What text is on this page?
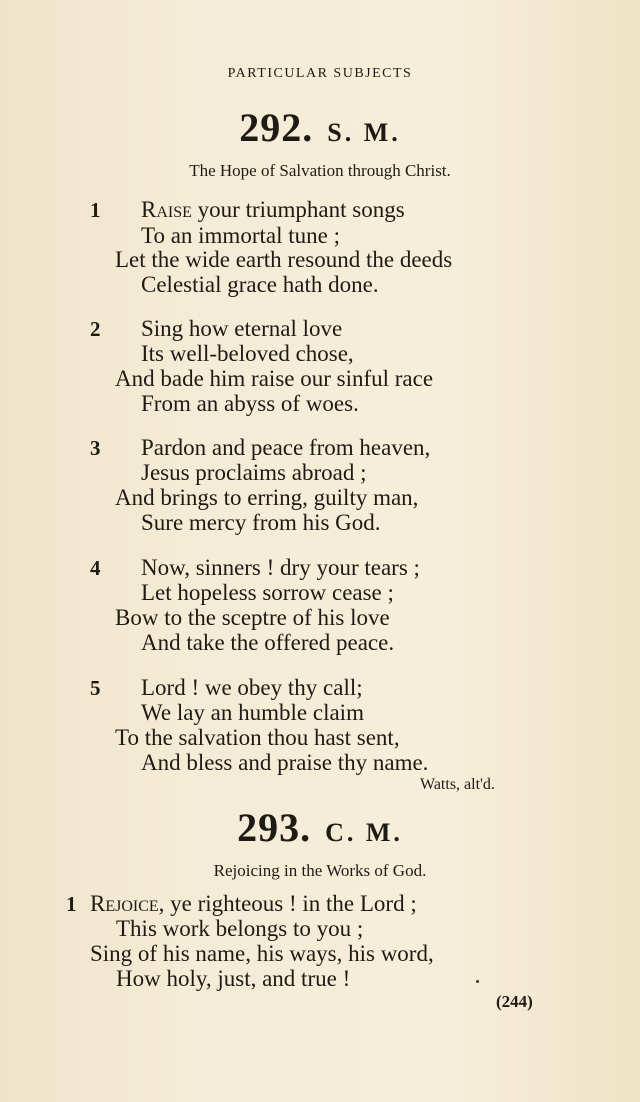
PARTICULAR SUBJECTS
292. S. M.
The Hope of Salvation through Christ.
1 Raise your triumphant songs
To an immortal tune ;
Let the wide earth resound the deeds
Celestial grace hath done.
2 Sing how eternal love
Its well-beloved chose,
And bade him raise our sinful race
From an abyss of woes.
3 Pardon and peace from heaven,
Jesus proclaims abroad ;
And brings to erring, guilty man,
Sure mercy from his God.
4 Now, sinners ! dry your tears ;
Let hopeless sorrow cease ;
Bow to the sceptre of his love
And take the offered peace.
5 Lord ! we obey thy call;
We lay an humble claim
To the salvation thou hast sent,
And bless and praise thy name.
Watts, alt'd.
293. C. M.
Rejoicing in the Works of God.
1 Rejoice, ye righteous ! in the Lord ;
This work belongs to you ;
Sing of his name, his ways, his word,
How holy, just, and true !
(244)
